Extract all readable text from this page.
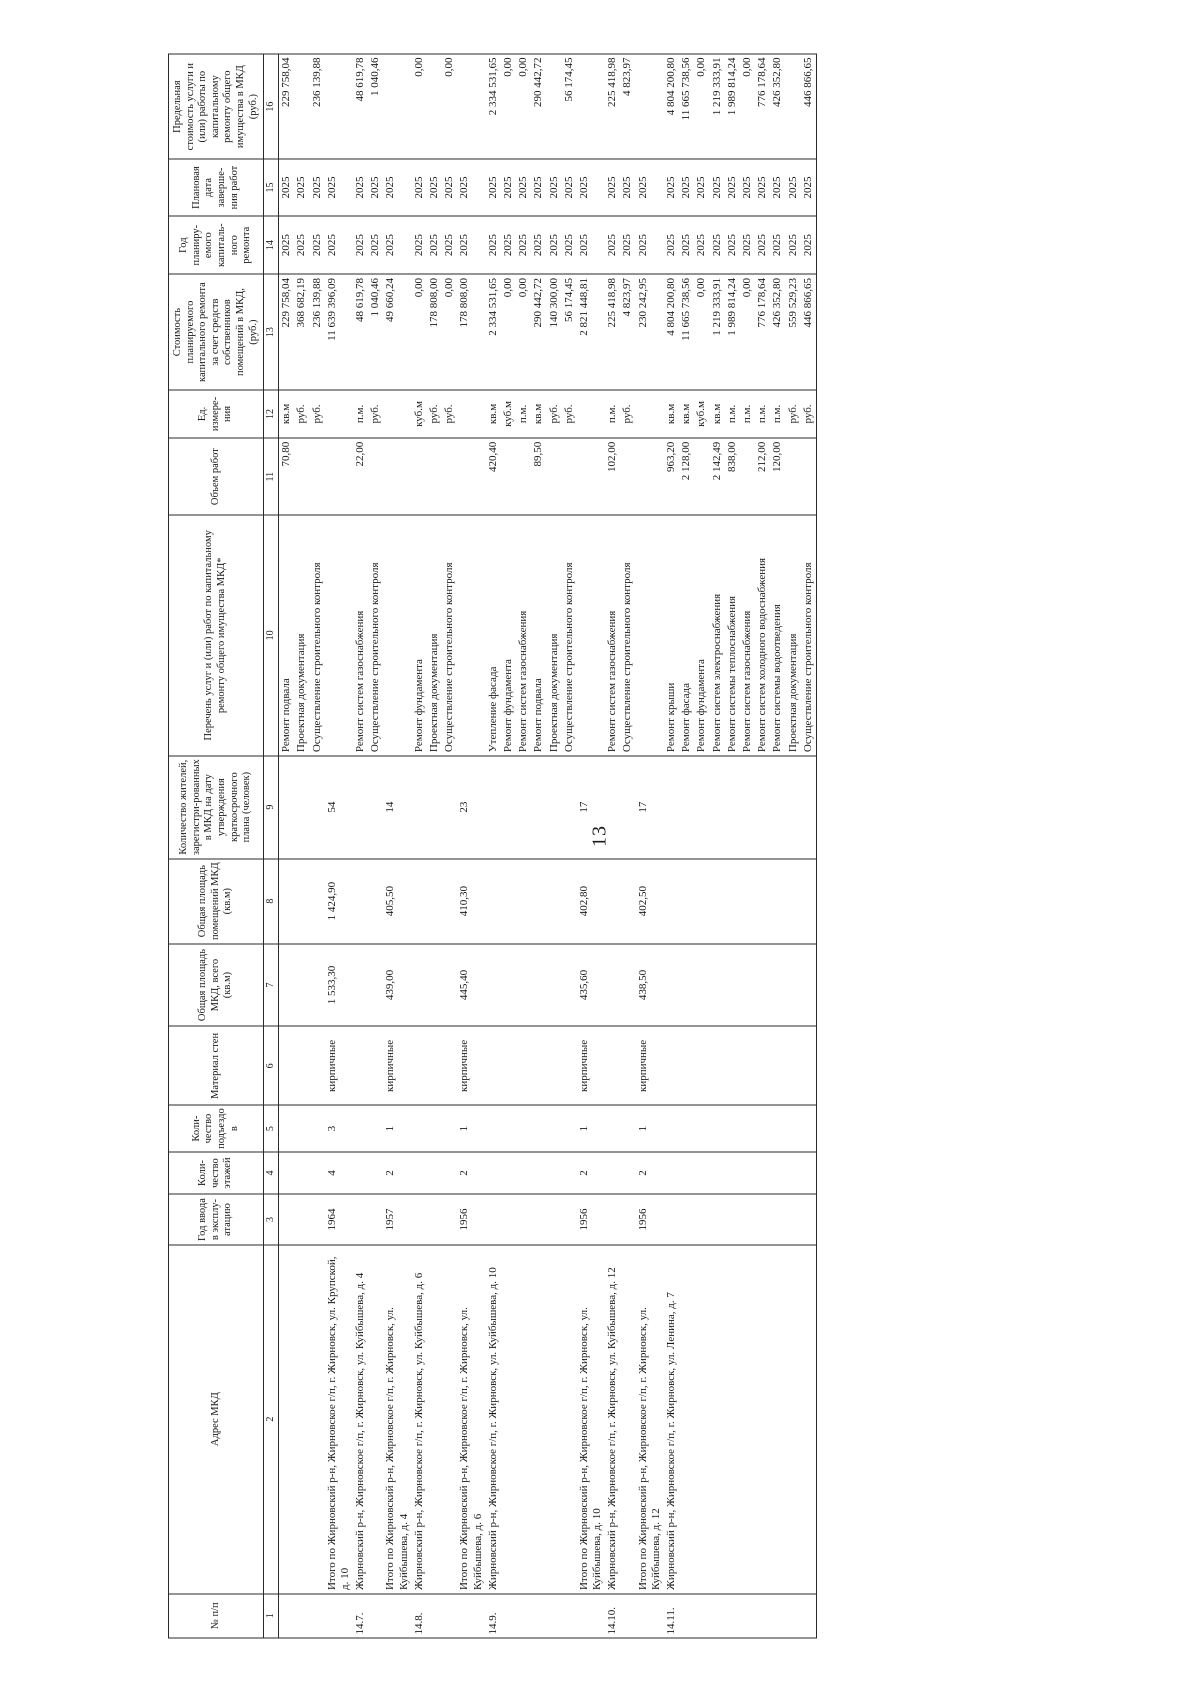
13
№ п/п	Адрес МКД	Год ввода в эксплу-атацию	Коли-чество этажей	Коли-чество подъездо в	Материал стен	Общая площадь МКД, всего (кв.м)	Общая площадь помещений МКД (кв.м)	Количество жителей, зарегистри-рованных в МКД на дату утверждения краткосрочного плана (человек)	Перечень услуг и (или) работ по капитальному ремонту общего имущества МКД*	Объем работ	Ед. измере-ния	Стоимость планируемого капитального ремонта за счет средств собственников помещений в МКД, (руб.)	Год планиру-емого капиталь-ного ремонта	Плановая дата заверше-ния работ	Предельная стоимость услуги и (или) работы по капитальному ремонту общего имущества в МКД (руб.)
1	2	3	4	5	6	7	8	9	10	11	12	13	14	15	16
									Ремонт подвала	70,80	кв.м	229 758,04	2025	2025	229 758,04
									Проектная документация		руб.	368 682,19	2025	2025	
									Осуществление строительного контроля		руб.	236 139,88	2025	2025	236 139,88
	Итого по Жирновский р-н, Жирновское г/п, г. Жирновск, ул. Крупской, д. 10	1964	4	3	кирпичные	1 533,30	1 424,90	54				11 639 396,09	2025	2025	
14.7.	Жирновский р-н, Жирновское г/п, г. Жирновск, ул. Куйбышева, д. 4								Ремонт систем газоснабжения	22,00	п.м.	48 619,78	2025	2025	48 619,78
									Осуществление строительного контроля		руб.	1 040,46	2025	2025	1 040,46
	Итого по Жирновский р-н, Жирновское г/п, г. Жирновск, ул. Куйбышева, д. 4	1957	2	1	кирпичные	439,00	405,50	14				49 660,24	2025	2025	
14.8.	Жирновский р-н, Жирновское г/п, г. Жирновск, ул. Куйбышева, д. 6								Ремонт фундамента		куб.м	0,00	2025	2025	0,00
									Проектная документация		руб.	178 808,00	2025	2025	
									Осуществление строительного контроля		руб.	0,00	2025	2025	0,00
	Итого по Жирновский р-н, Жирновское г/п, г. Жирновск, ул. Куйбышева, д. 6	1956	2	1	кирпичные	445,40	410,30	23				178 808,00	2025	2025	
14.9.	Жирновский р-н, Жирновское г/п, г. Жирновск, ул. Куйбышева, д. 10								Утепление фасада	420,40	кв.м	2 334 531,65	2025	2025	2 334 531,65
									Ремонт фундамента		куб.м	0,00	2025	2025	0,00
									Ремонт систем газоснабжения		п.м.	0,00	2025	2025	0,00
									Ремонт подвала	89,50	кв.м	290 442,72	2025	2025	290 442,72
									Проектная документация		руб.	140 300,00	2025	2025	
									Осуществление строительного контроля		руб.	56 174,45	2025	2025	56 174,45
	Итого по Жирновский р-н, Жирновское г/п, г. Жирновск, ул. Куйбышева, д. 10	1956	2	1	кирпичные	435,60	402,80	17				2 821 448,81	2025	2025	
14.10.	Жирновский р-н, Жирновское г/п, г. Жирновск, ул. Куйбышева, д. 12								Ремонт систем газоснабжения	102,00	п.м.	225 418,98	2025	2025	225 418,98
									Осуществление строительного контроля		руб.	4 823,97	2025	2025	4 823,97
	Итого по Жирновский р-н, Жирновское г/п, г. Жирновск, ул. Куйбышева, д. 12	1956	2	1	кирпичные	438,50	402,50	17				230 242,95	2025	2025	
14.11.	Жирновский р-н, Жирновское г/п, г. Жирновск, ул. Ленина, д. 7								Ремонт крыши	963,20	кв.м	4 804 200,80	2025	2025	4 804 200,80
									Ремонт фасада	2 128,00	кв.м	11 665 738,56	2025	2025	11 665 738,56
									Ремонт фундамента		куб.м	0,00	2025	2025	0,00
									Ремонт систем электроснабжения	2 142,49	кв.м	1 219 333,91	2025	2025	1 219 333,91
									Ремонт системы теплоснабжения	838,00	п.м.	1 989 814,24	2025	2025	1 989 814,24
									Ремонт систем газоснабжения		п.м.	0,00	2025	2025	0,00
									Ремонт систем холодного водоснабжения	212,00	п.м.	776 178,64	2025	2025	776 178,64
									Ремонт системы водоотведения	120,00	п.м.	426 352,80	2025	2025	426 352,80
									Проектная документация		руб.	559 529,23	2025	2025	
									Осуществление строительного контроля		руб.	446 866,65	2025	2025	446 866,65
